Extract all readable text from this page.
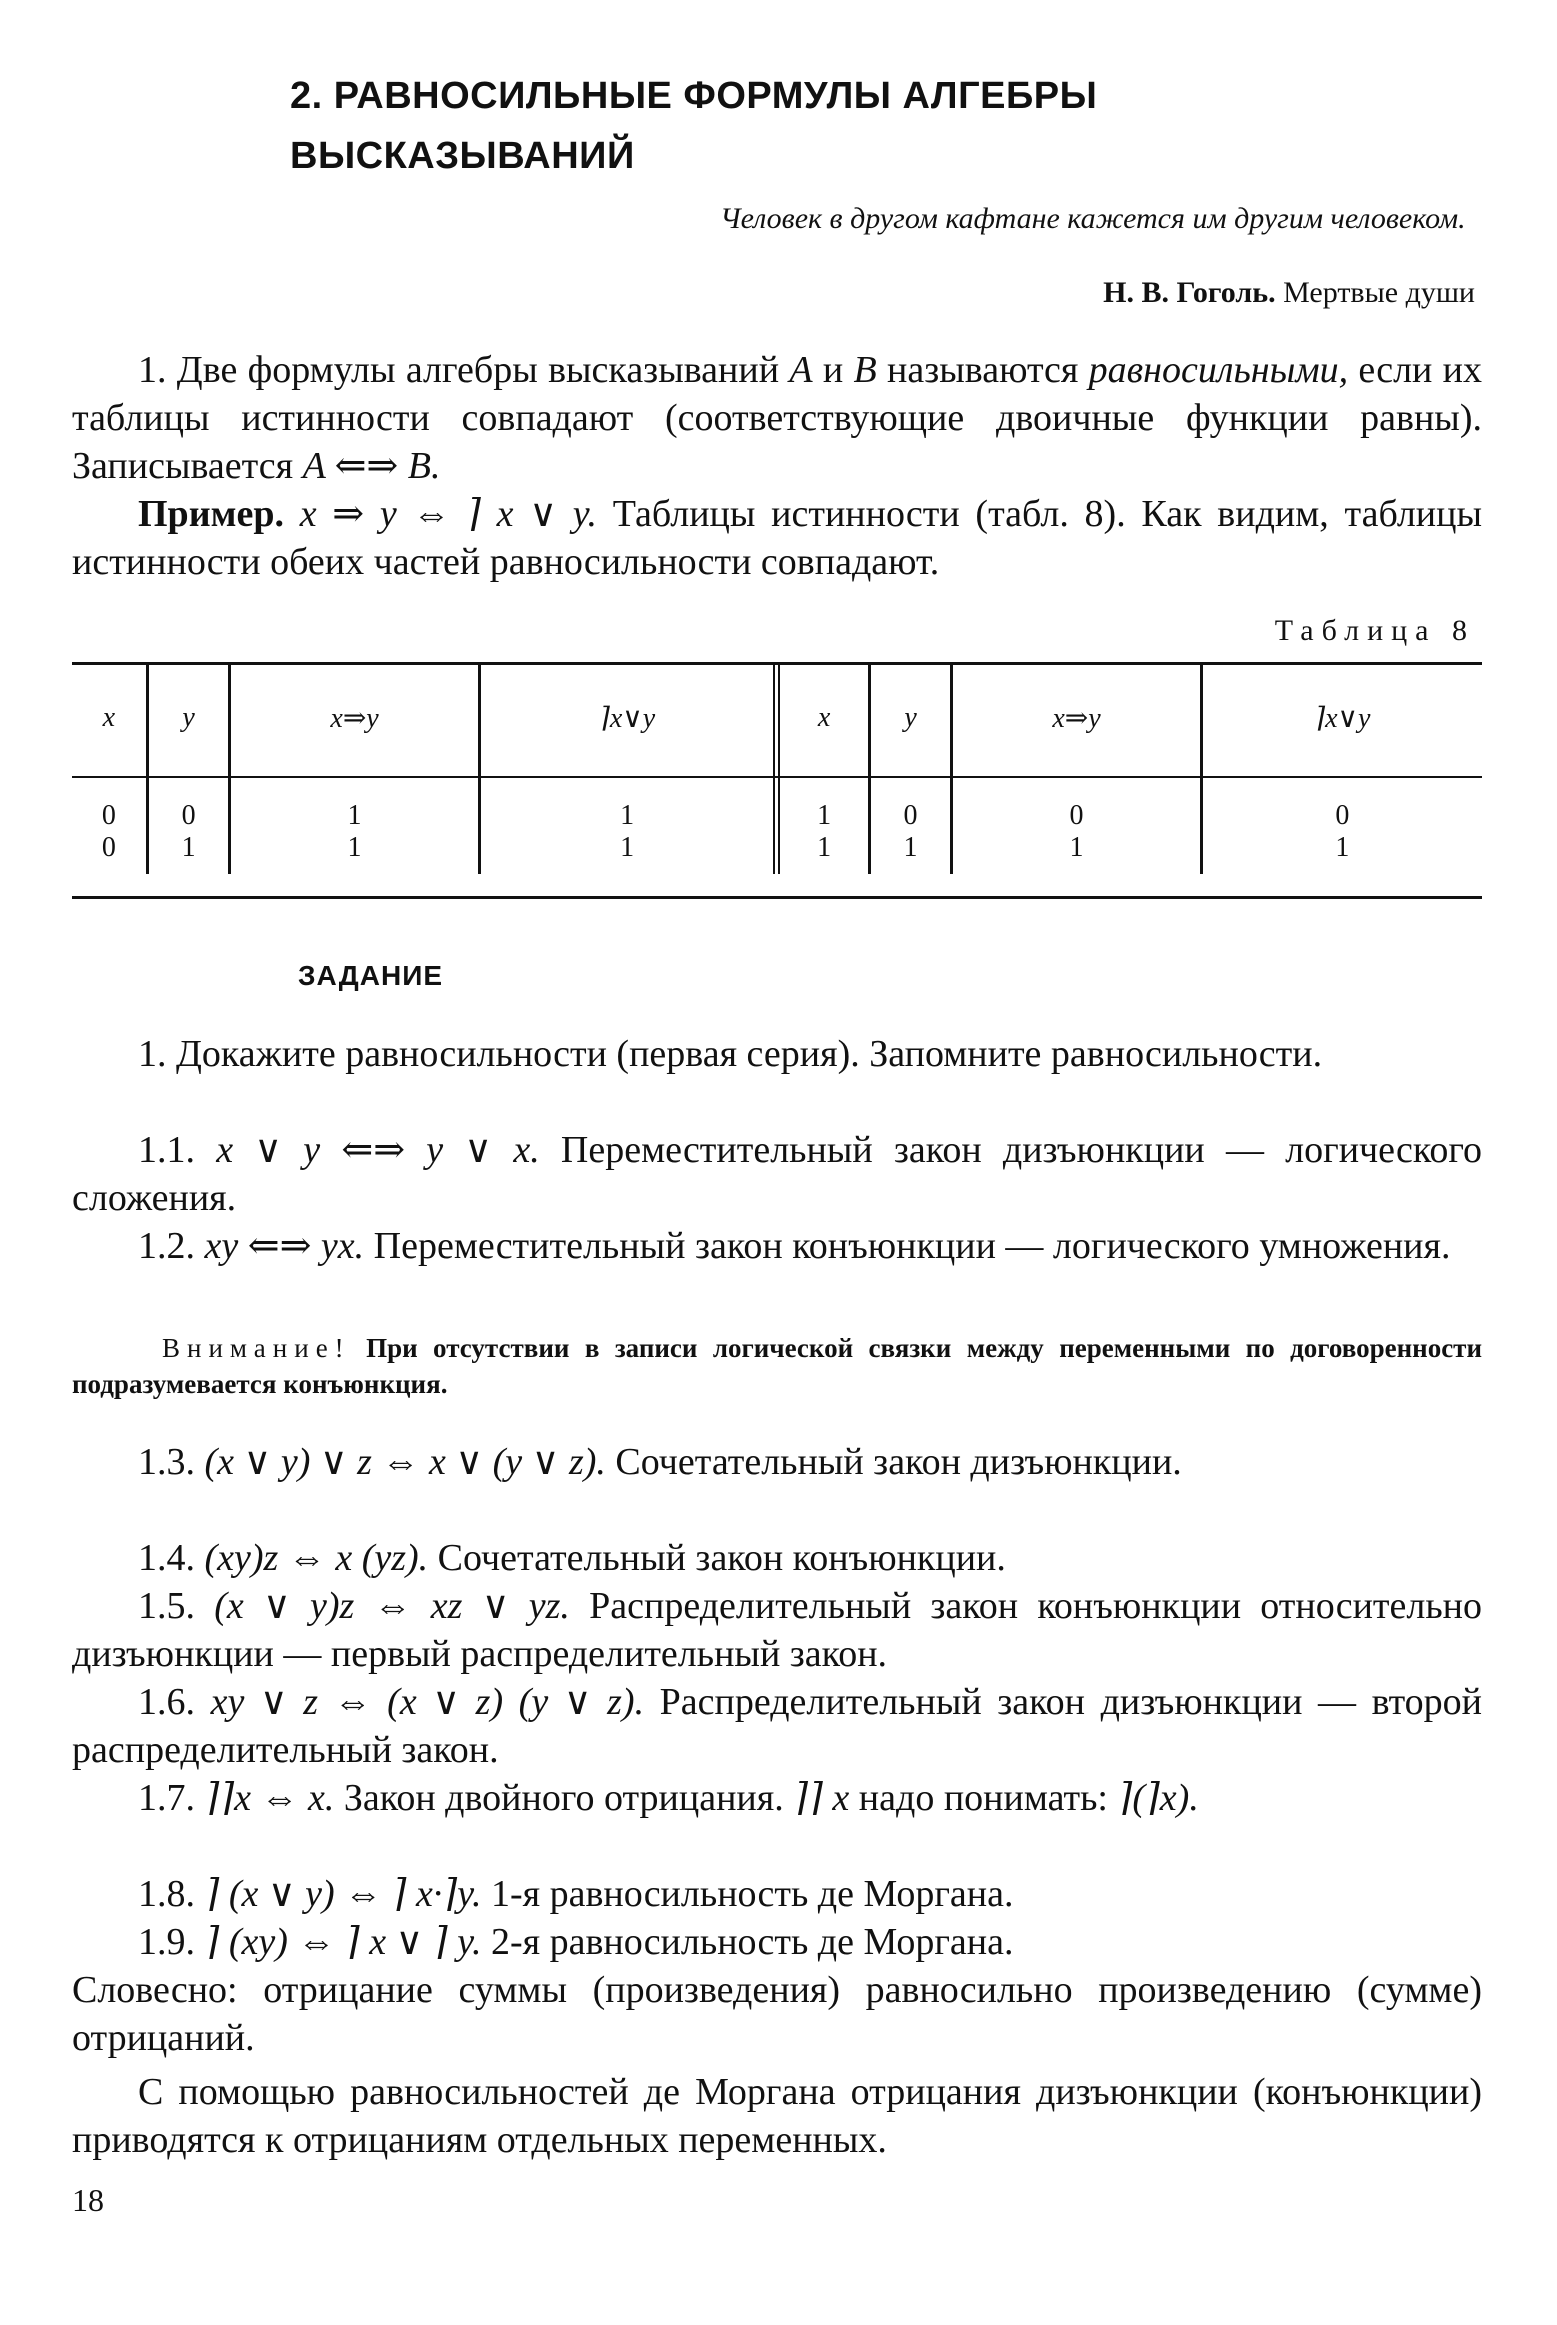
2. РАВНОСИЛЬНЫЕ ФОРМУЛЫ АЛГЕБРЫ
ВЫСКАЗЫВАНИЙ
Человек в другом кафтане кажется им другим человеком.
Н. В. Гоголь. Мертвые души
1. Две формулы алгебры высказываний A и B называются равносильными, если их таблицы истинности совпадают (соответствующие двоичные функции равны). Записывается A ⇐⇒ B.
Пример. x ⇒ y ⇔ ⌉ x ∨ y. Таблицы истинности (табл. 8). Как видим, таблицы истинности обеих частей равносильности совпадают.
Таблица 8
x	y	x⇒y	⌉x∨y	x	y	x⇒y	⌉x∨y
0	0	1	1	1	0	0	0
0	1	1	1	1	1	1	1
ЗАДАНИЕ
1. Докажите равносильности (первая серия). Запомните равносильности.
1.1. x ∨ y ⇐⇒ y ∨ x. Переместительный закон дизъюнкции — логического сложения.
1.2. xy ⇐⇒ yx. Переместительный закон конъюнкции — логического умножения.
Внимание! При отсутствии в записи логической связки между переменными по договоренности подразумевается конъюнкция.
1.3. (x ∨ y) ∨ z ⇔ x ∨ (y ∨ z). Сочетательный закон дизъюнкции.
1.4. (xy)z ⇔ x (yz). Сочетательный закон конъюнкции.
1.5. (x ∨ y)z ⇔ xz ∨ yz. Распределительный закон конъюнкции относительно дизъюнкции — первый распределительный закон.
1.6. xy ∨ z ⇔ (x ∨ z) (y ∨ z). Распределительный закон дизъюнкции — второй распределительный закон.
1.7. ⌉⌉x ⇔ x. Закон двойного отрицания. ⌉⌉ x надо понимать: ⌉(⌉x).
1.8. ⌉ (x ∨ y) ⇔ ⌉ x·⌉y. 1-я равносильность де Моргана.
1.9. ⌉ (xy) ⇔ ⌉ x ∨ ⌉ y. 2-я равносильность де Моргана.
Словесно: отрицание суммы (произведения) равносильно произведению (сумме) отрицаний.
С помощью равносильностей де Моргана отрицания дизъюнкции (конъюнкции) приводятся к отрицаниям отдельных переменных.
18
